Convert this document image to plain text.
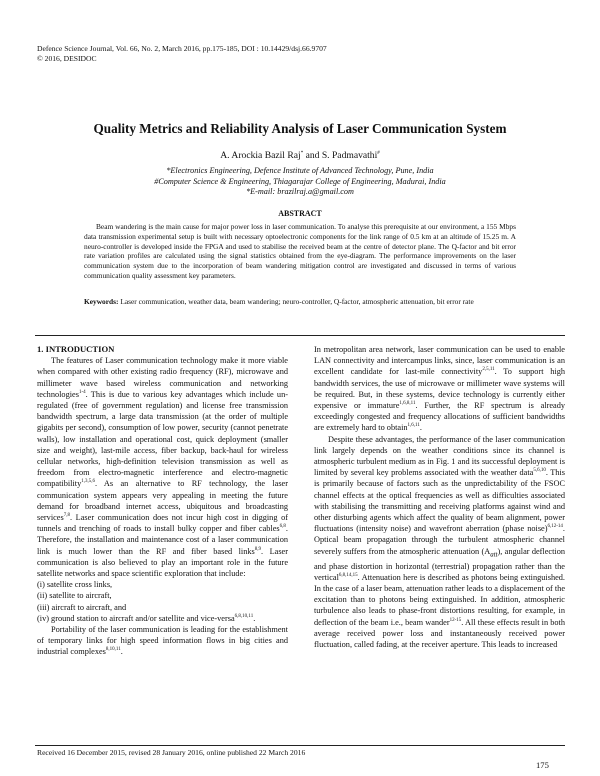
Defence Science Journal, Vol. 66, No. 2, March 2016, pp.175-185, DOI : 10.14429/dsj.66.9707
© 2016, DESIDOC
Quality Metrics and Reliability Analysis of Laser Communication System
A. Arockia Bazil Raj* and S. Padmavathi#
*Electronics Engineering, Defence Institute of Advanced Technology, Pune, India
#Computer Science & Engineering, Thiagarajar College of Engineering, Madurai, India
*E-mail: brazilraj.a@gmail.com
ABSTRACT

Beam wandering is the main cause for major power loss in laser communication. To analyse this prerequisite at our environment, a 155 Mbps data transmission experimental setup is built with necessary optoelectronic components for the link range of 0.5 km at an altitude of 15.25 m. A neuro-controller is developed inside the FPGA and used to stabilise the received beam at the centre of detector plane. The Q-factor and bit error rate variation profiles are calculated using the signal statistics obtained from the eye-diagram. The performance improvements on the laser communication system due to the incorporation of beam wandering mitigation control are investigated and discussed in terms of various communication quality assessment key parameters.

Keywords: Laser communication, weather data, beam wandering; neuro-controller, Q-factor, atmospheric attenuation, bit error rate
1. INTRODUCTION

The features of Laser communication technology make it more viable when compared with other existing radio frequency (RF), microwave and millimeter wave based wireless communication and networking technologies$^{1-4}$. This is due to various key advantages which include un-regulated (free of government regulation) and license free transmission bandwidth spectrum, a large data transmission (at the order of multiple gigabits per second), consumption of low power, security (cannot penetrate walls), low installation and operational cost, quick deployment (smaller size and weight), last-mile access, fiber backup, back-haul for wireless cellular networks, high-definition television transmission as well as freedom from electro-magnetic interference and electro-magnetic compatibility$^{1,3,5,6}$. As an alternative to RF technology, the laser communication system appears very appealing in meeting the future demand for broadband internet access, ubiquitous and broadcasting services$^{7,8}$. Laser communication does not incur high cost in digging of tunnels and trenching of roads to install bulky copper and fiber cables$^{6,8}$. Therefore, the installation and maintenance cost of a laser communication link is much lower than the RF and fiber based links$^{8,9}$. Laser communication is also believed to play an important role in the future satellite networks and space scientific exploration that include:

(i) satellite cross links,

(ii) satellite to aircraft,

(iii) aircraft to aircraft, and

(iv) ground station to aircraft and/or satellite and vice-versa$^{6,8,10,11}$.

Portability of the laser communication is leading for the establishment of temporary links for high speed information flows in big cities and industrial complexes$^{8,10,11}$.

In metropolitan area network, laser communication can be used to enable LAN connectivity and intercampus links, since, laser communication is an excellent candidate for last-mile connectivity$^{2,5,11}$. To support high bandwidth services, the use of microwave or millimeter wave systems will be required. But, in these systems, device technology is currently either expensive or immature$^{1,6,8,11}$. Further, the RF spectrum is already exceedingly congested and frequency allocations of sufficient bandwidths are extremely hard to obtain$^{1,6,11}$.

Despite these advantages, the performance of the laser communication link largely depends on the weather conditions since its channel is atmospheric turbulent medium as in Fig. 1 and its successful deployment is limited by several key problems associated with the weather data$^{5,6,10}$. This is primarily because of factors such as the unpredictability of the FSOC channel effects at the optical frequencies as well as difficulties associated with stabilising the transmitting and receiving platforms against wind and other disturbing agents which affect the quality of beam alignment, power fluctuations (intensity noise) and wavefront aberration (phase noise)$^{6,12-14}$. Optical beam propagation through the turbulent atmospheric channel severely suffers from the atmospheric attenuation $(A_{att})$, angular deflection and phase distortion in horizontal (terrestrial) propagation rather than the vertical$^{6,8,14,15}$. Attenuation here is described as photons being extinguished. In the case of a laser beam, attenuation rather leads to a displacement of the excitation than to photons being extinguished. In addition, atmospheric turbulence also leads to phase-front distortions resulting, for example, in deflection of the beam i.e., beam wander$^{12-15}$. All these effects result in both average received power loss and instantaneously received power fluctuation, called fading, at the receiver aperture. This leads to increased

Received 16 December 2015, revised 28 January 2016, online published 22 March 2016
175
